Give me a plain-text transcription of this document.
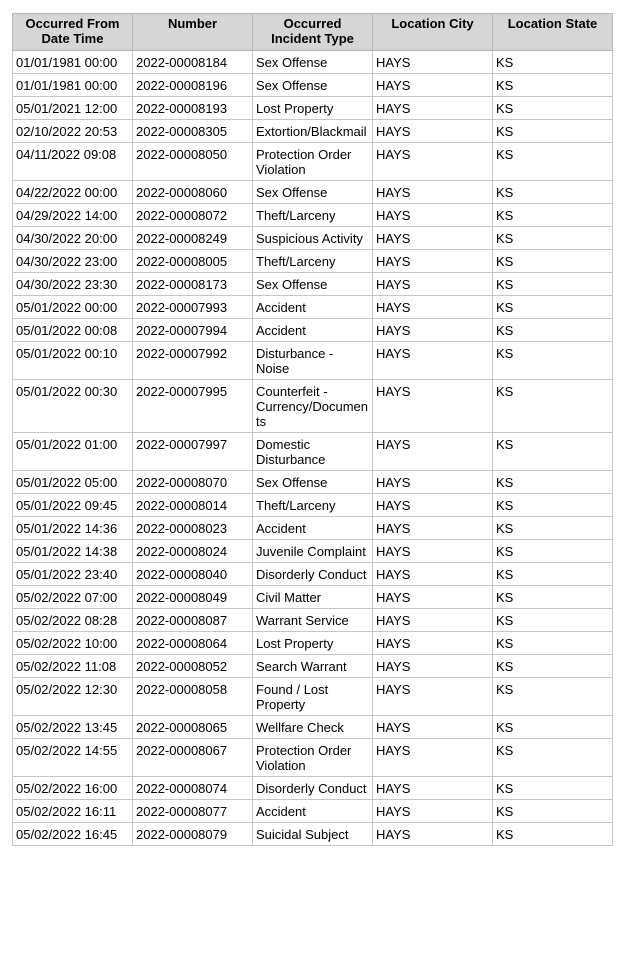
Occurred From Date Time	Number	Occurred Incident Type	Location City	Location State
01/01/1981 00:00	2022-00008184	Sex Offense	HAYS	KS
01/01/1981 00:00	2022-00008196	Sex Offense	HAYS	KS
05/01/2021 12:00	2022-00008193	Lost Property	HAYS	KS
02/10/2022 20:53	2022-00008305	Extortion/Blackmail	HAYS	KS
04/11/2022 09:08	2022-00008050	Protection Order Violation	HAYS	KS
04/22/2022 00:00	2022-00008060	Sex Offense	HAYS	KS
04/29/2022 14:00	2022-00008072	Theft/Larceny	HAYS	KS
04/30/2022 20:00	2022-00008249	Suspicious Activity	HAYS	KS
04/30/2022 23:00	2022-00008005	Theft/Larceny	HAYS	KS
04/30/2022 23:30	2022-00008173	Sex Offense	HAYS	KS
05/01/2022 00:00	2022-00007993	Accident	HAYS	KS
05/01/2022 00:08	2022-00007994	Accident	HAYS	KS
05/01/2022 00:10	2022-00007992	Disturbance - Noise	HAYS	KS
05/01/2022 00:30	2022-00007995	Counterfeit - Currency/Documents	HAYS	KS
05/01/2022 01:00	2022-00007997	Domestic Disturbance	HAYS	KS
05/01/2022 05:00	2022-00008070	Sex Offense	HAYS	KS
05/01/2022 09:45	2022-00008014	Theft/Larceny	HAYS	KS
05/01/2022 14:36	2022-00008023	Accident	HAYS	KS
05/01/2022 14:38	2022-00008024	Juvenile Complaint	HAYS	KS
05/01/2022 23:40	2022-00008040	Disorderly Conduct	HAYS	KS
05/02/2022 07:00	2022-00008049	Civil Matter	HAYS	KS
05/02/2022 08:28	2022-00008087	Warrant Service	HAYS	KS
05/02/2022 10:00	2022-00008064	Lost Property	HAYS	KS
05/02/2022 11:08	2022-00008052	Search Warrant	HAYS	KS
05/02/2022 12:30	2022-00008058	Found / Lost Property	HAYS	KS
05/02/2022 13:45	2022-00008065	Wellfare Check	HAYS	KS
05/02/2022 14:55	2022-00008067	Protection Order Violation	HAYS	KS
05/02/2022 16:00	2022-00008074	Disorderly Conduct	HAYS	KS
05/02/2022 16:11	2022-00008077	Accident	HAYS	KS
05/02/2022 16:45	2022-00008079	Suicidal Subject	HAYS	KS
